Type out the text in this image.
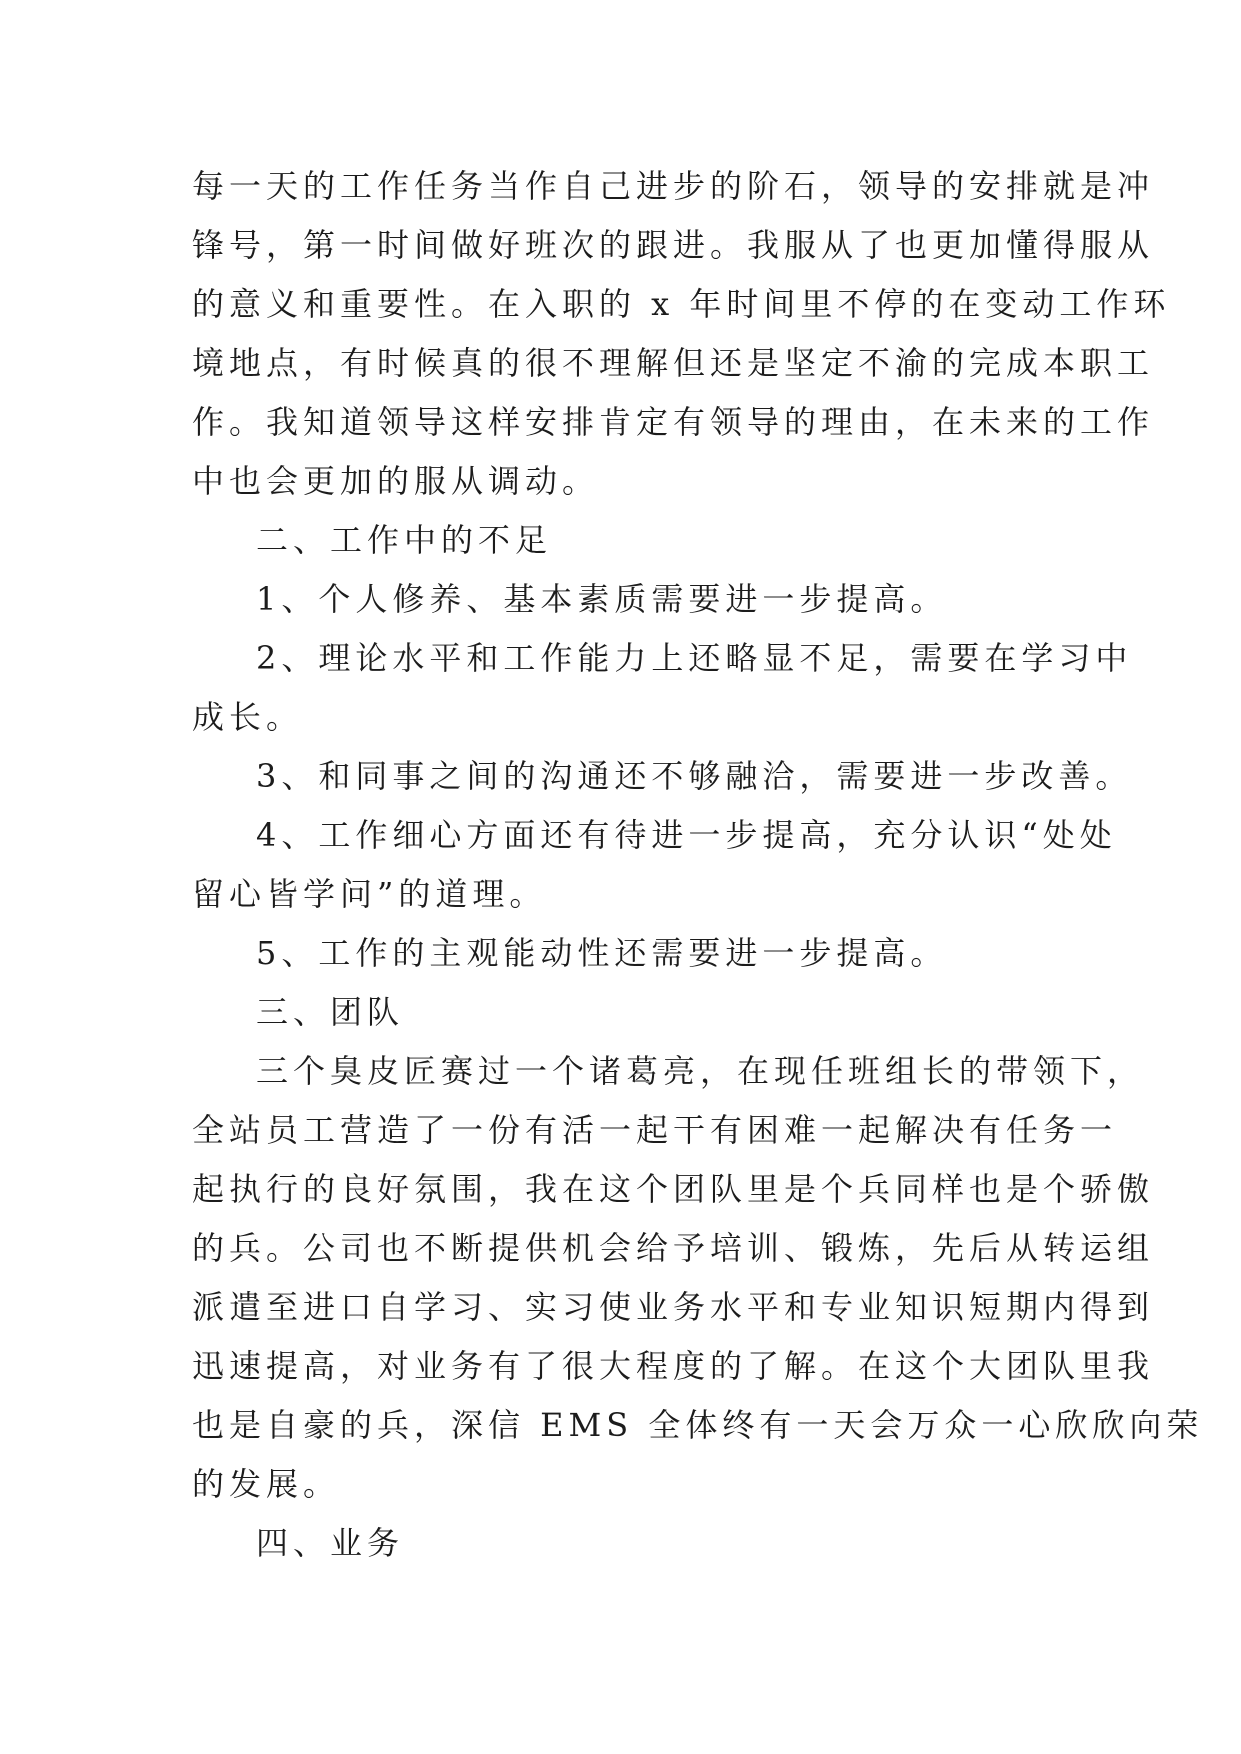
每一天的工作任务当作自己进步的阶石，领导的安排就是冲
锋号，第一时间做好班次的跟进。我服从了也更加懂得服从
的意义和重要性。在入职的 x 年时间里不停的在变动工作环
境地点，有时候真的很不理解但还是坚定不渝的完成本职工
作。我知道领导这样安排肯定有领导的理由，在未来的工作
中也会更加的服从调动。
二、工作中的不足
1、个人修养、基本素质需要进一步提高。
2、理论水平和工作能力上还略显不足，需要在学习中
成长。
3、和同事之间的沟通还不够融洽，需要进一步改善。
4、工作细心方面还有待进一步提高，充分认识“处处
留心皆学问”的道理。
5、工作的主观能动性还需要进一步提高。
三、团队
三个臭皮匠赛过一个诸葛亮，在现任班组长的带领下，
全站员工营造了一份有活一起干有困难一起解决有任务一
起执行的良好氛围，我在这个团队里是个兵同样也是个骄傲
的兵。公司也不断提供机会给予培训、锻炼，先后从转运组
派遣至进口自学习、实习使业务水平和专业知识短期内得到
迅速提高，对业务有了很大程度的了解。在这个大团队里我
也是自豪的兵，深信 EMS 全体终有一天会万众一心欣欣向荣
的发展。
四、业务
